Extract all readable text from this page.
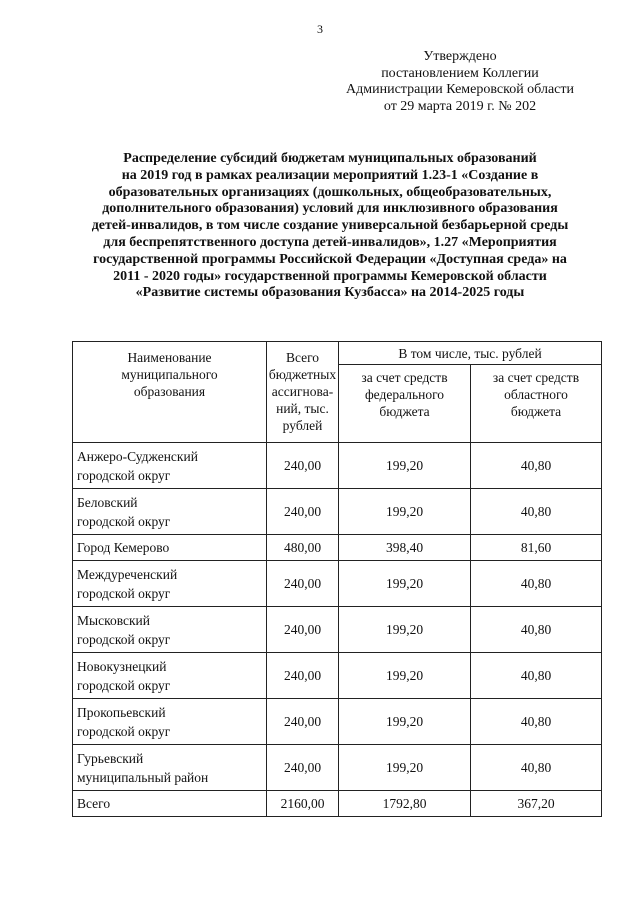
3
Утверждено
постановлением Коллегии
Администрации Кемеровской области
от 29 марта 2019 г. № 202
Распределение субсидий бюджетам муниципальных образований
на 2019 год в рамках реализации мероприятий 1.23-1 «Создание в
образовательных организациях (дошкольных, общеобразовательных,
дополнительного образования) условий для инклюзивного образования
детей-инвалидов, в том числе создание универсальной безбарьерной среды
для беспрепятственного доступа детей-инвалидов», 1.27 «Мероприятия
государственной программы Российской Федерации «Доступная среда» на
2011 - 2020 годы» государственной программы Кемеровской области
«Развитие системы образования Кузбасса» на 2014-2025 годы
Наименование муниципального образования	Всего бюджетных ассигнова-ний, тыс. рублей	В том числе, тыс. рублей	
		за счет средств федерального бюджета	за счет средств областного бюджета

Анжеро-Судженский
городской округ	240,00	199,20	40,80

Беловский
городской округ	240,00	199,20	40,80

Город Кемерово	480,00	398,40	81,60

Междуреченский
городской округ	240,00	199,20	40,80

Мысковский
городской округ	240,00	199,20	40,80

Новокузнецкий
городской округ	240,00	199,20	40,80

Прокопьевский
городской округ	240,00	199,20	40,80

Гурьевский
муниципальный район	240,00	199,20	40,80
Всего	2160,00	1792,80	367,20
